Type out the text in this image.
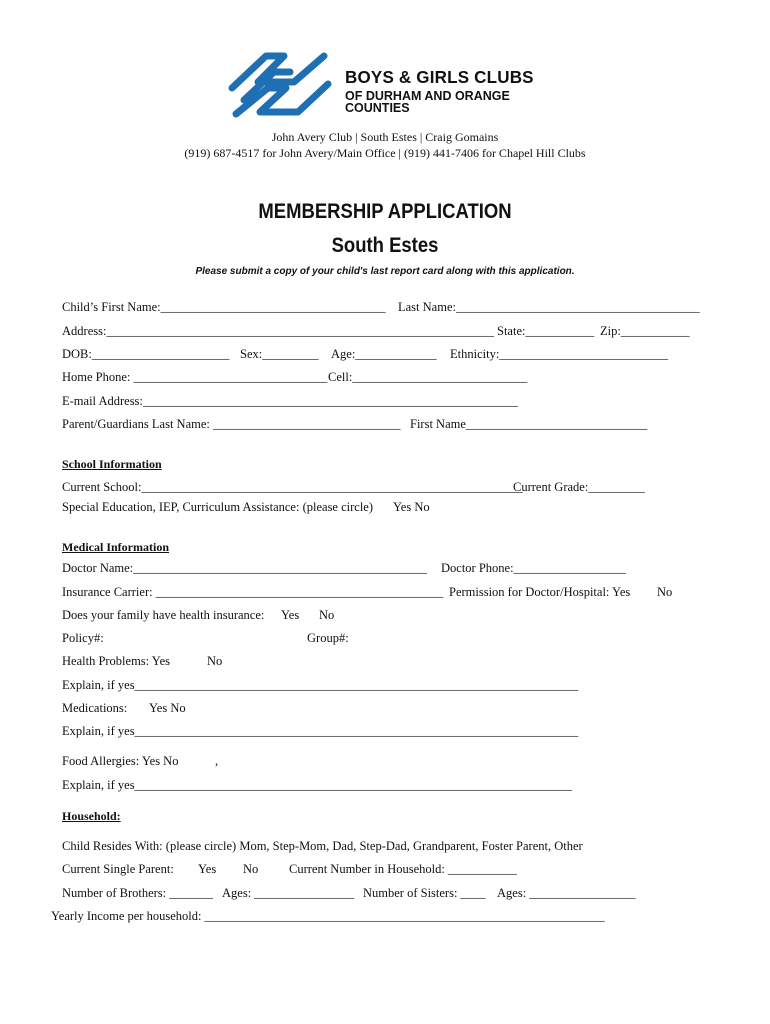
BOYS & GIRLS CLUBS
OF DURHAM AND ORANGE
COUNTIES
John Avery Club | South Estes | Craig Gomains
(919) 687-4517 for John Avery/Main Office | (919) 441-7406 for Chapel Hill Clubs
MEMBERSHIP APPLICATION
South Estes
Please submit a copy of your child's last report card along with this application.
Child’s First Name:____________________________________ Last Name:_______________________________________
Address:______________________________________________________________ State:___________ Zip:___________
DOB:______________________ Sex:_________ Age:_____________ Ethnicity:___________________________
Home Phone: _______________________________ Cell:____________________________
E-mail Address:____________________________________________________________
Parent/Guardians Last Name: ______________________________ First Name_____________________________
School Information
Current School:_____________________________________________________________
Current Grade:_________
Special Education, IEP, Curriculum Assistance: (please circle) Yes No
Medical Information
Doctor Name:_______________________________________________ Doctor Phone:__________________
Insurance Carrier: ______________________________________________ Permission for Doctor/Hospital: Yes No
Does your family have health insurance: Yes No
Policy#:	Group#:
Health Problems: Yes	No
Explain, if yes_______________________________________________________________________
Medications: Yes No
Explain, if yes_______________________________________________________________________
Food Allergies: Yes No	,
Explain, if yes______________________________________________________________________
Household:
Child Resides With: (please circle) Mom, Step-Mom, Dad, Step-Dad, Grandparent, Foster Parent, Other
Current Single Parent: Yes No Current Number in Household: ___________
Number of Brothers: _______ Ages: ________________ Number of Sisters: ____ Ages: _________________
Yearly Income per household: ________________________________________________________________
